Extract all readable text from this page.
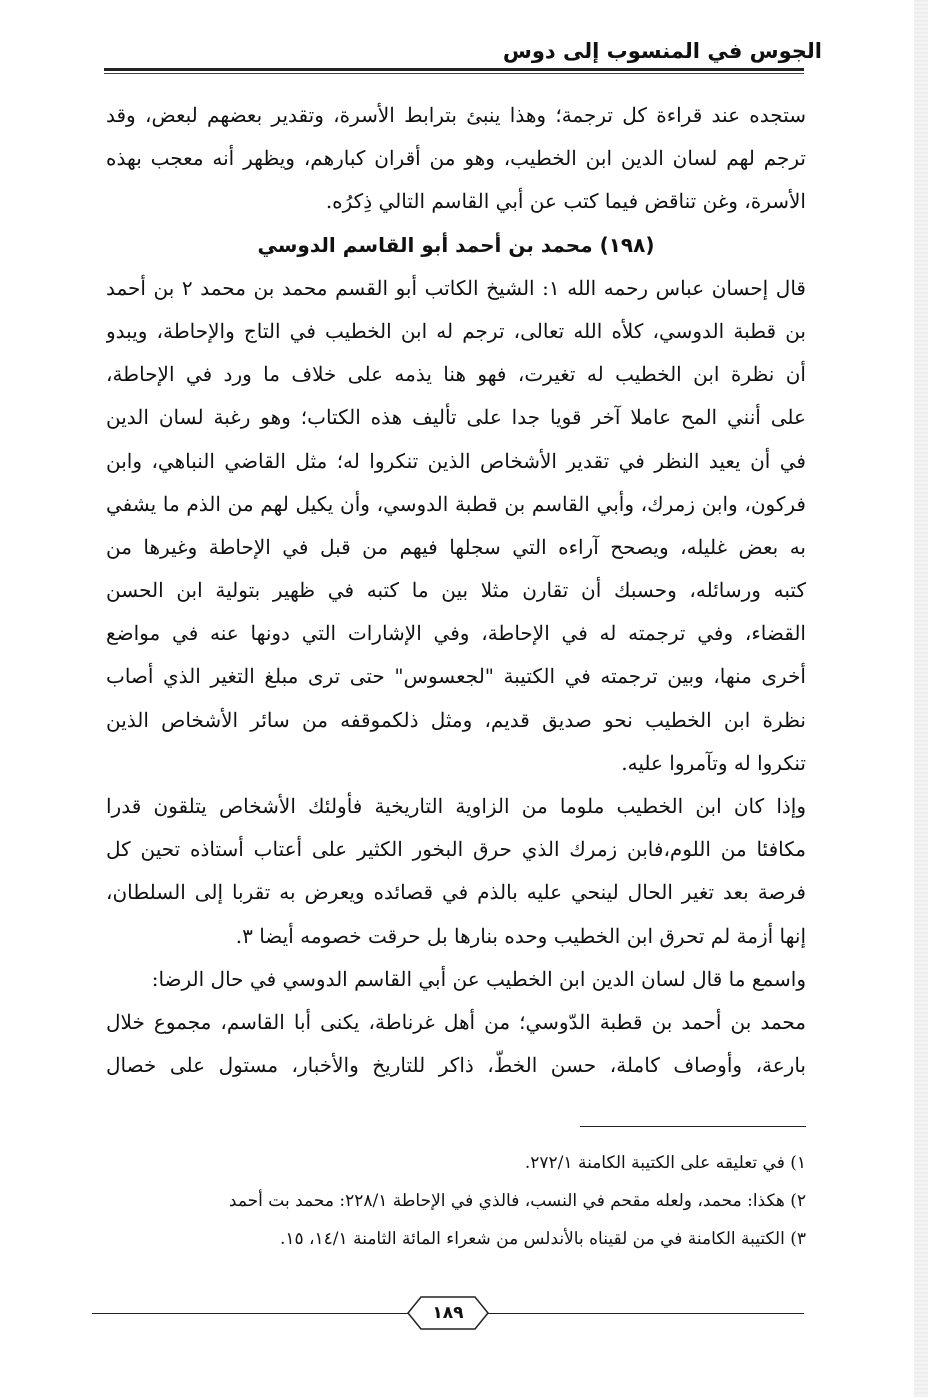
الجوس في المنسوب إلى دوس
ستجده عند قراءة كل ترجمة؛ وهذا ينبئ بترابط الأسرة، وتقدير بعضهم لبعض، وقد
ترجم لهم لسان الدين ابن الخطيب، وهو من أقران كبارهم، ويظهر أنه معجب بهذه
الأسرة، وغن تناقض فيما كتب عن أبي القاسم التالي ذِكرُه.
(١٩٨) محمد بن أحمد أبو القاسم الدوسي
قال إحسان عباس رحمه الله ١: الشيخ الكاتب أبو القسم محمد بن محمد ٢ بن أحمد
بن قطبة الدوسي، كلأه الله تعالى، ترجم له ابن الخطيب في التاج والإحاطة، ويبدو
أن نظرة ابن الخطيب له تغيرت، فهو هنا يذمه على خلاف ما ورد في الإحاطة،
على أنني المح عاملا آخر قويا جدا على تأليف هذه الكتاب؛ وهو رغبة لسان الدين
في أن يعيد النظر في تقدير الأشخاص الذين تنكروا له؛ مثل القاضي النباهي، وابن
فركون، وابن زمرك، وأبي القاسم بن قطبة الدوسي، وأن يكيل لهم من الذم ما يشفي
به بعض غليله، ويصحح آراءه التي سجلها فيهم من قبل في الإحاطة وغيرها من
كتبه ورسائله، وحسبك أن تقارن مثلا بين ما كتبه في ظهير بتولية ابن الحسن
القضاء، وفي ترجمته له في الإحاطة، وفي الإشارات التي دونها عنه في مواضع
أخرى منها، وبين ترجمته في الكتيبة "لجعسوس" حتى ترى مبلغ التغير الذي أصاب
نظرة ابن الخطيب نحو صديق قديم، ومثل ذلكموقفه من سائر الأشخاص الذين
تنكروا له وتآمروا عليه.
وإذا كان ابن الخطيب ملوما من الزاوية التاريخية فأولئك الأشخاص يتلقون قدرا
مكافئا من اللوم،فابن زمرك الذي حرق البخور الكثير على أعتاب أستاذه تحين كل
فرصة بعد تغير الحال لينحي عليه بالذم في قصائده ويعرض به تقربا إلى السلطان،
إنها أزمة لم تحرق ابن الخطيب وحده بنارها بل حرقت خصومه أيضا ٣.
واسمع ما قال لسان الدين ابن الخطيب عن أبي القاسم الدوسي في حال الرضا:
محمد بن أحمد بن قطبة الدّوسي؛ من أهل غرناطة، يكنى أبا القاسم، مجموع خلال
بارعة، وأوصاف كاملة، حسن الخطّ، ذاكر للتاريخ والأخبار، مستول على خصال
١) في تعليقه على الكتيبة الكامنة ٢٧٢/١.
٢) هكذا: محمد، ولعله مقحم في النسب، فالذي في الإحاطة ٢٢٨/١: محمد بت أحمد
٣) الكتيبة الكامنة في من لقيناه بالأندلس من شعراء المائة الثامنة ١٤/١، ١٥.
١٨٩
